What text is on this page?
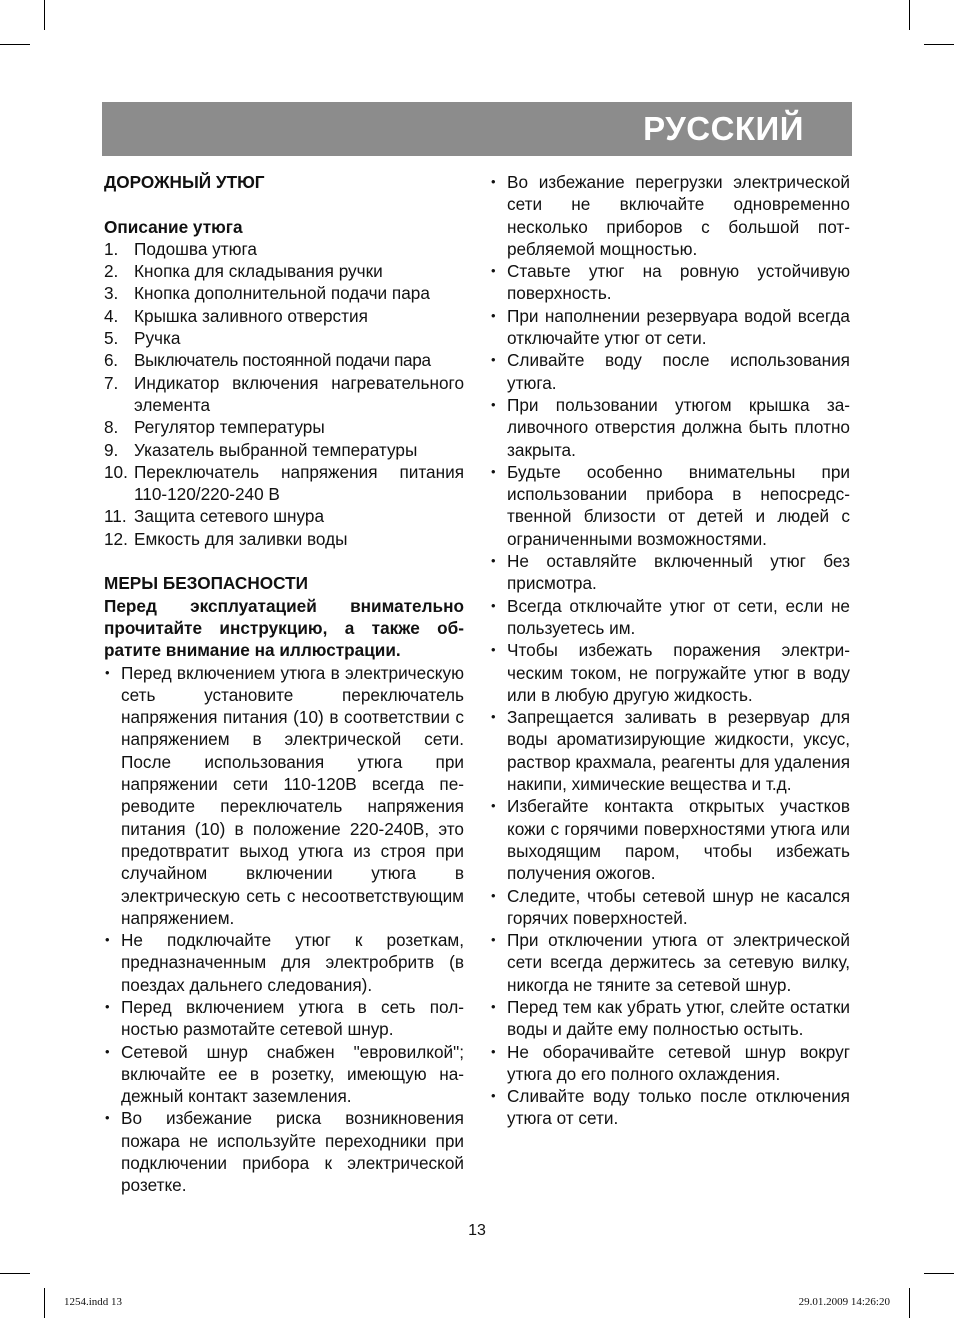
РУССКИЙ
ДОРОЖНЫЙ УТЮГ
Описание утюга
1. Подошва утюга
2. Кнопка для складывания ручки
3. Кнопка дополнительной подачи пара
4. Крышка заливного отверстия
5. Ручка
6. Выключатель постоянной подачи пара
7. Индикатор включения нагревательного элемента
8. Регулятор температуры
9. Указатель выбранной температуры
10. Переключатель напряжения питания 110-120/220-240 В
11. Защита сетевого шнура
12. Емкость для заливки воды
МЕРЫ БЕЗОПАСНОСТИ
Перед эксплуатацией внимательно прочитайте инструкцию, а также обратите внимание на иллюстрации.
• Перед включением утюга в электрическую сеть установите переключатель напряжения питания (10) в соответствии с напряжением в электрической сети. После использования утюга при напряжении сети 110-120В всегда переводите переключатель напряжения питания (10) в положение 220-240В, это предотвратит выход утюга из строя при случайном включении утюга в электрическую сеть с несоответствующим напряжением.
• Не подключайте утюг к розеткам, предназначенным для электробритв (в поездах дальнего следования).
• Перед включением утюга в сеть полностью размотайте сетевой шнур.
• Сетевой шнур снабжен "евровилкой"; включайте ее в розетку, имеющую надежный контакт заземления.
• Во избежание риска возникновения пожара не используйте переходники при подключении прибора к электрической розетке.
• Во избежание перегрузки электрической сети не включайте одновременно несколько приборов с большой потребляемой мощностью.
• Ставьте утюг на ровную устойчивую поверхность.
• При наполнении резервуара водой всегда отключайте утюг от сети.
• Сливайте воду после использования утюга.
• При пользовании утюгом крышка заливочного отверстия должна быть плотно закрыта.
• Будьте особенно внимательны при использовании прибора в непосредственной близости от детей и людей с ограниченными возможностями.
• Не оставляйте включенный утюг без присмотра.
• Всегда отключайте утюг от сети, если не пользуетесь им.
• Чтобы избежать поражения электрическим током, не погружайте утюг в воду или в любую другую жидкость.
• Запрещается заливать в резервуар для воды ароматизирующие жидкости, уксус, раствор крахмала, реагенты для удаления накипи, химические вещества и т.д.
• Избегайте контакта открытых участков кожи с горячими поверхностями утюга или выходящим паром, чтобы избежать получения ожогов.
• Следите, чтобы сетевой шнур не касался горячих поверхностей.
• При отключении утюга от электрической сети всегда держитесь за сетевую вилку, никогда не тяните за сетевой шнур.
• Перед тем как убрать утюг, слейте остатки воды и дайте ему полностью остыть.
• Не оборачивайте сетевой шнур вокруг утюга до его полного охлаждения.
• Сливайте воду только после отключения утюга от сети.
13
1254.indd 13	29.01.2009 14:26:20
